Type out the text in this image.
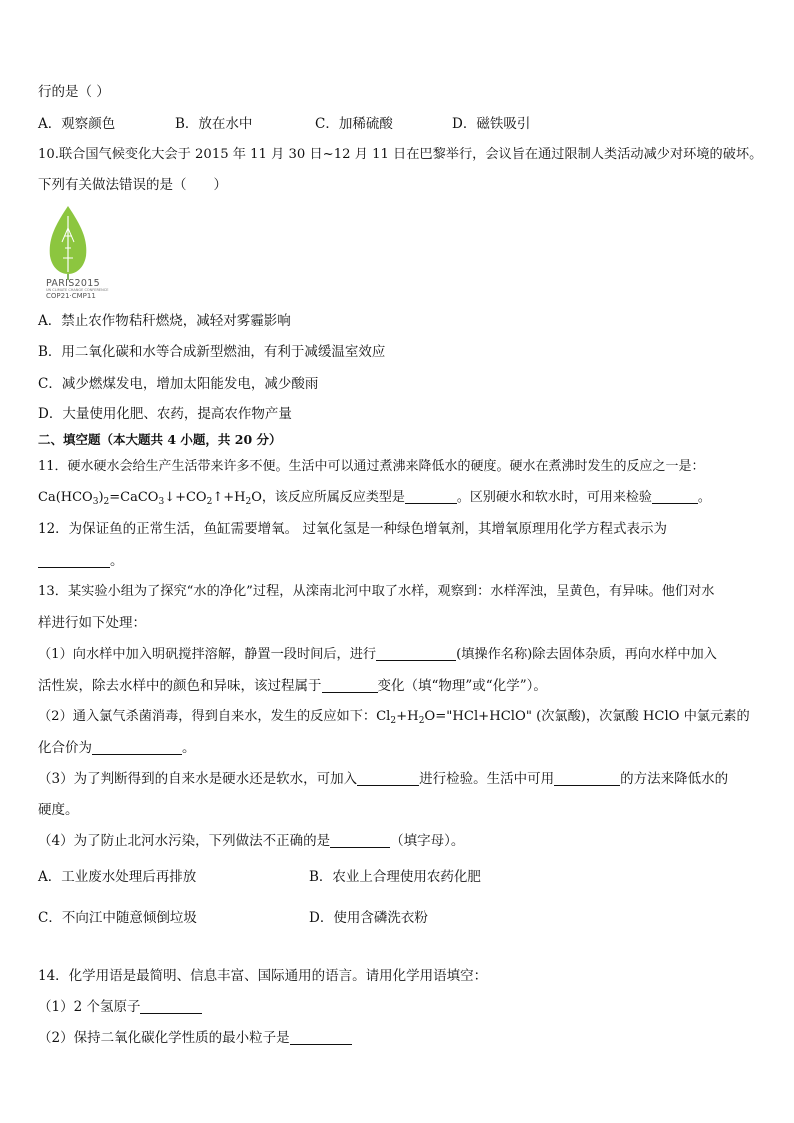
行的是（ ）
A．观察颜色	B．放在水中	C．加稀硫酸	D．磁铁吸引
10.联合国气候变化大会于 2015 年 11 月 30 日~12 月 11 日在巴黎举行，会议旨在通过限制人类活动减少对环境的破坏。
下列有关做法错误的是（　　）
PARIS2015
UN CLIMATE CHANGE CONFERENCE
COP21·CMP11
A．禁止农作物秸秆燃烧，减轻对雾霾影响
B．用二氧化碳和水等合成新型燃油，有利于减缓温室效应
C．减少燃煤发电，增加太阳能发电，减少酸雨
D．大量使用化肥、农药，提高农作物产量
二、填空题（本大题共 4 小题，共 20 分）
11．硬水硬水会给生产生活带来许多不便。生活中可以通过煮沸来降低水的硬度。硬水在煮沸时发生的反应之一是：
$Ca(HCO_3)_2=CaCO_3↓+CO_2↑+H_2O$，该反应所属反应类型是	。区别硬水和软水时，可用来检验	。
12．为保证鱼的正常生活，鱼缸需要增氧。 过氧化氢是一种绿色增氧剂，其增氧原理用化学方程式表示为
。
13．某实验小组为了探究“水的净化”过程，从滦南北河中取了水样，观察到：水样浑浊，呈黄色，有异味。他们对水
样进行如下处理：
（1）向水样中加入明矾搅拌溶解，静置一段时间后，进行	(填操作名称)除去固体杂质，再向水样中加入
活性炭，除去水样中的颜色和异味，该过程属于	变化（填“物理”或“化学”）。
（2）通入氯气杀菌消毒，得到自来水，发生的反应如下：$Cl_2+H_2O="HCl+HClO$" (次氯酸)，次氯酸 HClO 中氯元素的
化合价为	。
（3）为了判断得到的自来水是硬水还是软水，可加入	进行检验。生活中可用	的方法来降低水的
硬度。
（4）为了防止北河水污染，下列做法不正确的是	（填字母）。
A．工业废水处理后再排放	B．农业上合理使用农药化肥
C．不向江中随意倾倒垃圾	D．使用含磷洗衣粉
14．化学用语是最简明、信息丰富、国际通用的语言。请用化学用语填空：
（1）2 个氢原子
（2）保持二氧化碳化学性质的最小粒子是
